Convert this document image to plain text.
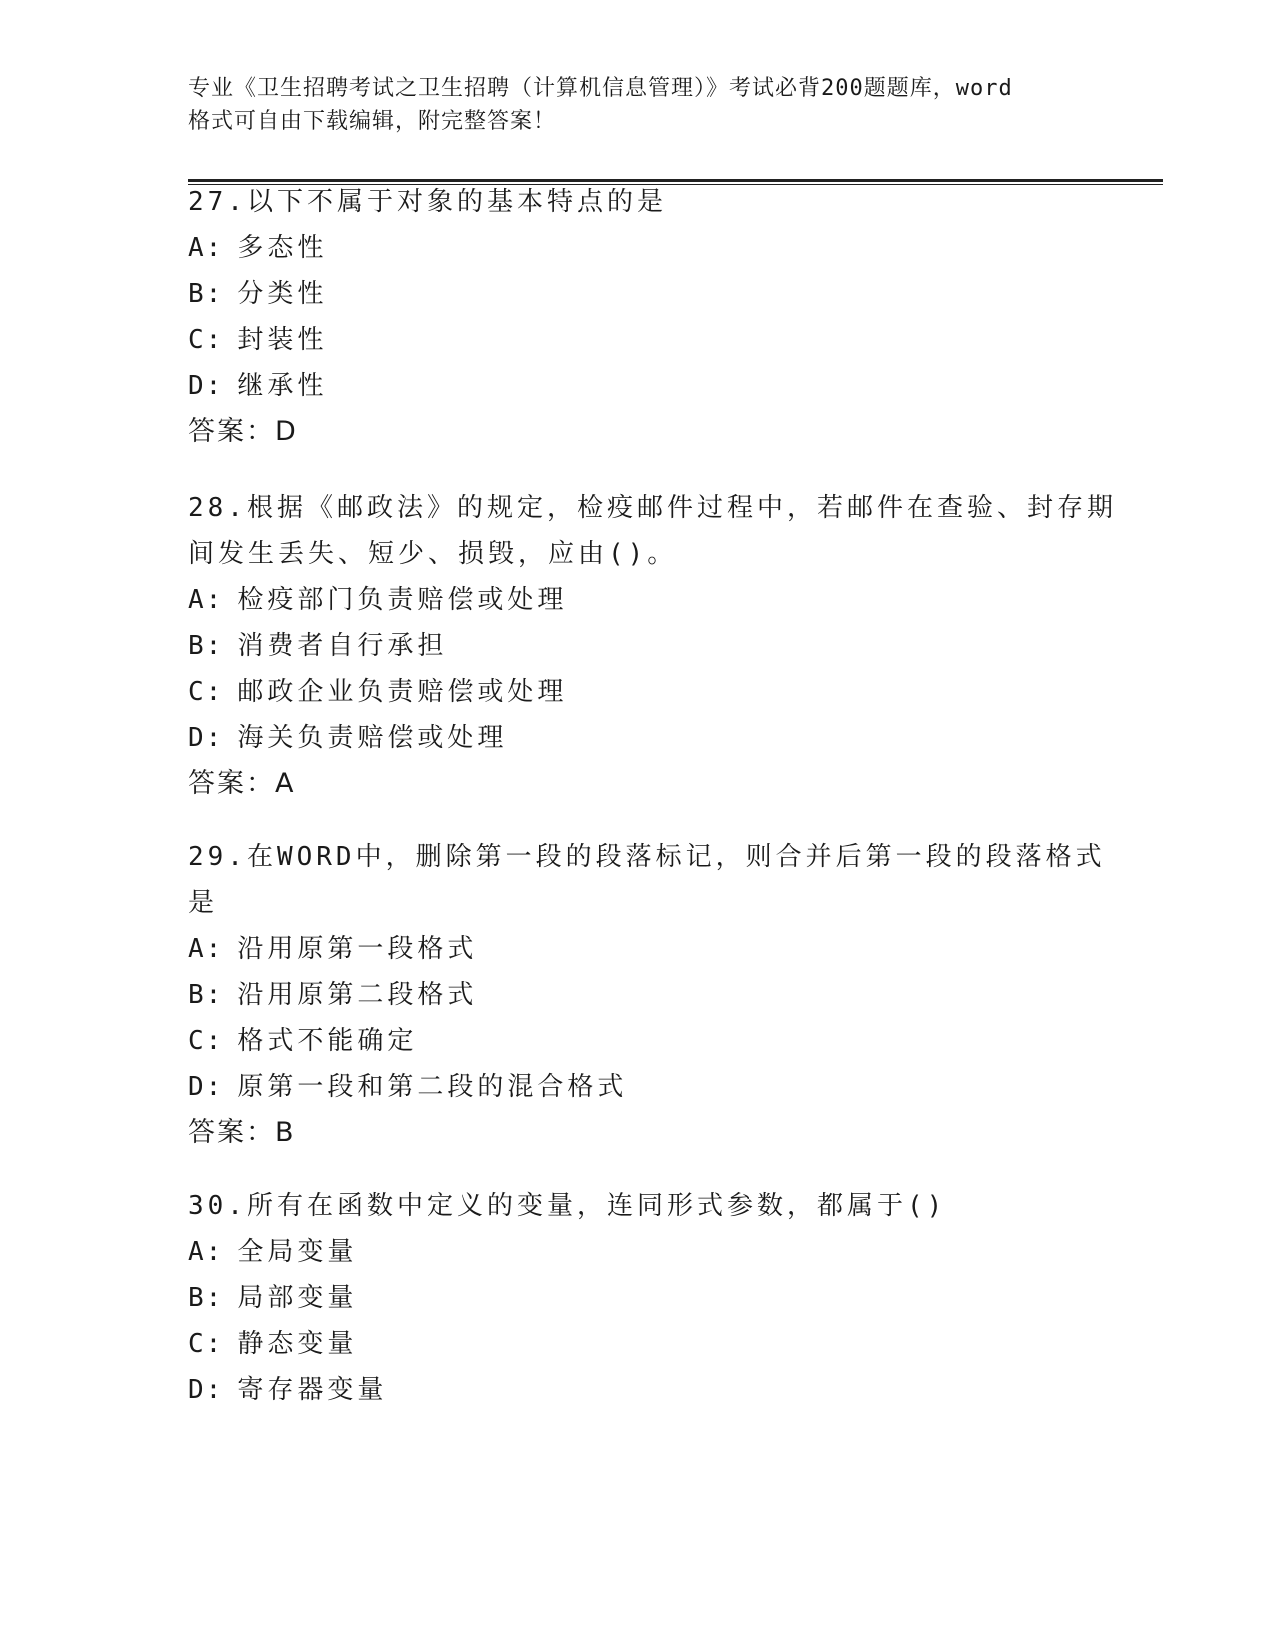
专业《卫生招聘考试之卫生招聘（计算机信息管理）》考试必背200题题库，word
格式可自由下载编辑，附完整答案！
27.以下不属于对象的基本特点的是
A: 多态性
B: 分类性
C: 封装性
D: 继承性
答案：D
28.根据《邮政法》的规定，检疫邮件过程中，若邮件在查验、封存期
间发生丢失、短少、损毁，应由()。
A: 检疫部门负责赔偿或处理
B: 消费者自行承担
C: 邮政企业负责赔偿或处理
D: 海关负责赔偿或处理
答案：A
29.在WORD中，删除第一段的段落标记，则合并后第一段的段落格式
是
A: 沿用原第一段格式
B: 沿用原第二段格式
C: 格式不能确定
D: 原第一段和第二段的混合格式
答案：B
30.所有在函数中定义的变量，连同形式参数，都属于()
A: 全局变量
B: 局部变量
C: 静态变量
D: 寄存器变量
